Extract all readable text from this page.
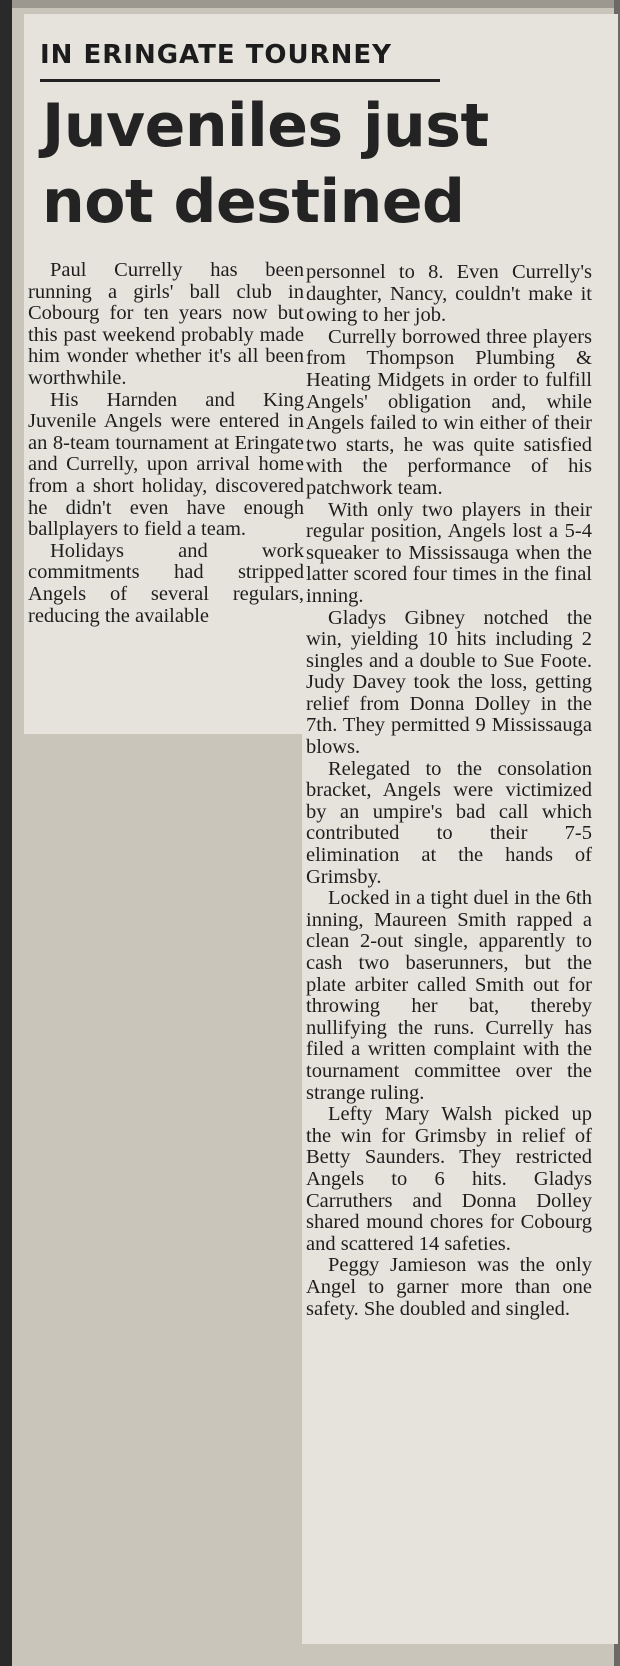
IN ERINGATE TOURNEY
Juveniles just not destined

Paul Currelly has been running a girls' ball club in Cobourg for ten years now but this past weekend probably made him wonder whether it's all been worthwhile.

His Harnden and King Juvenile Angels were entered in an 8-team tournament at Eringate and Currelly, upon arrival home from a short holiday, discovered he didn't even have enough ballplayers to field a team.

Holidays and work commitments had stripped Angels of several regulars, reducing the available

personnel to 8. Even Currelly's daughter, Nancy, couldn't make it owing to her job.

Currelly borrowed three players from Thompson Plumbing & Heating Midgets in order to fulfill Angels' obligation and, while Angels failed to win either of their two starts, he was quite satisfied with the performance of his patchwork team.

With only two players in their regular position, Angels lost a 5-4 squeaker to Mississauga when the latter scored four times in the final inning.

Gladys Gibney notched the win, yielding 10 hits including 2 singles and a double to Sue Foote. Judy Davey took the loss, getting relief from Donna Dolley in the 7th. They permitted 9 Mississauga blows.

Relegated to the consolation bracket, Angels were victimized by an umpire's bad call which contributed to their 7-5 elimination at the hands of Grimsby.

Locked in a tight duel in the 6th inning, Maureen Smith rapped a clean 2-out single, apparently to cash two baserunners, but the plate arbiter called Smith out for throwing her bat, thereby nullifying the runs. Currelly has filed a written complaint with the tournament committee over the strange ruling.

Lefty Mary Walsh picked up the win for Grimsby in relief of Betty Saunders. They restricted Angels to 6 hits. Gladys Carruthers and Donna Dolley shared mound chores for Cobourg and scattered 14 safeties.

Peggy Jamieson was the only Angel to garner more than one safety. She doubled and singled.
